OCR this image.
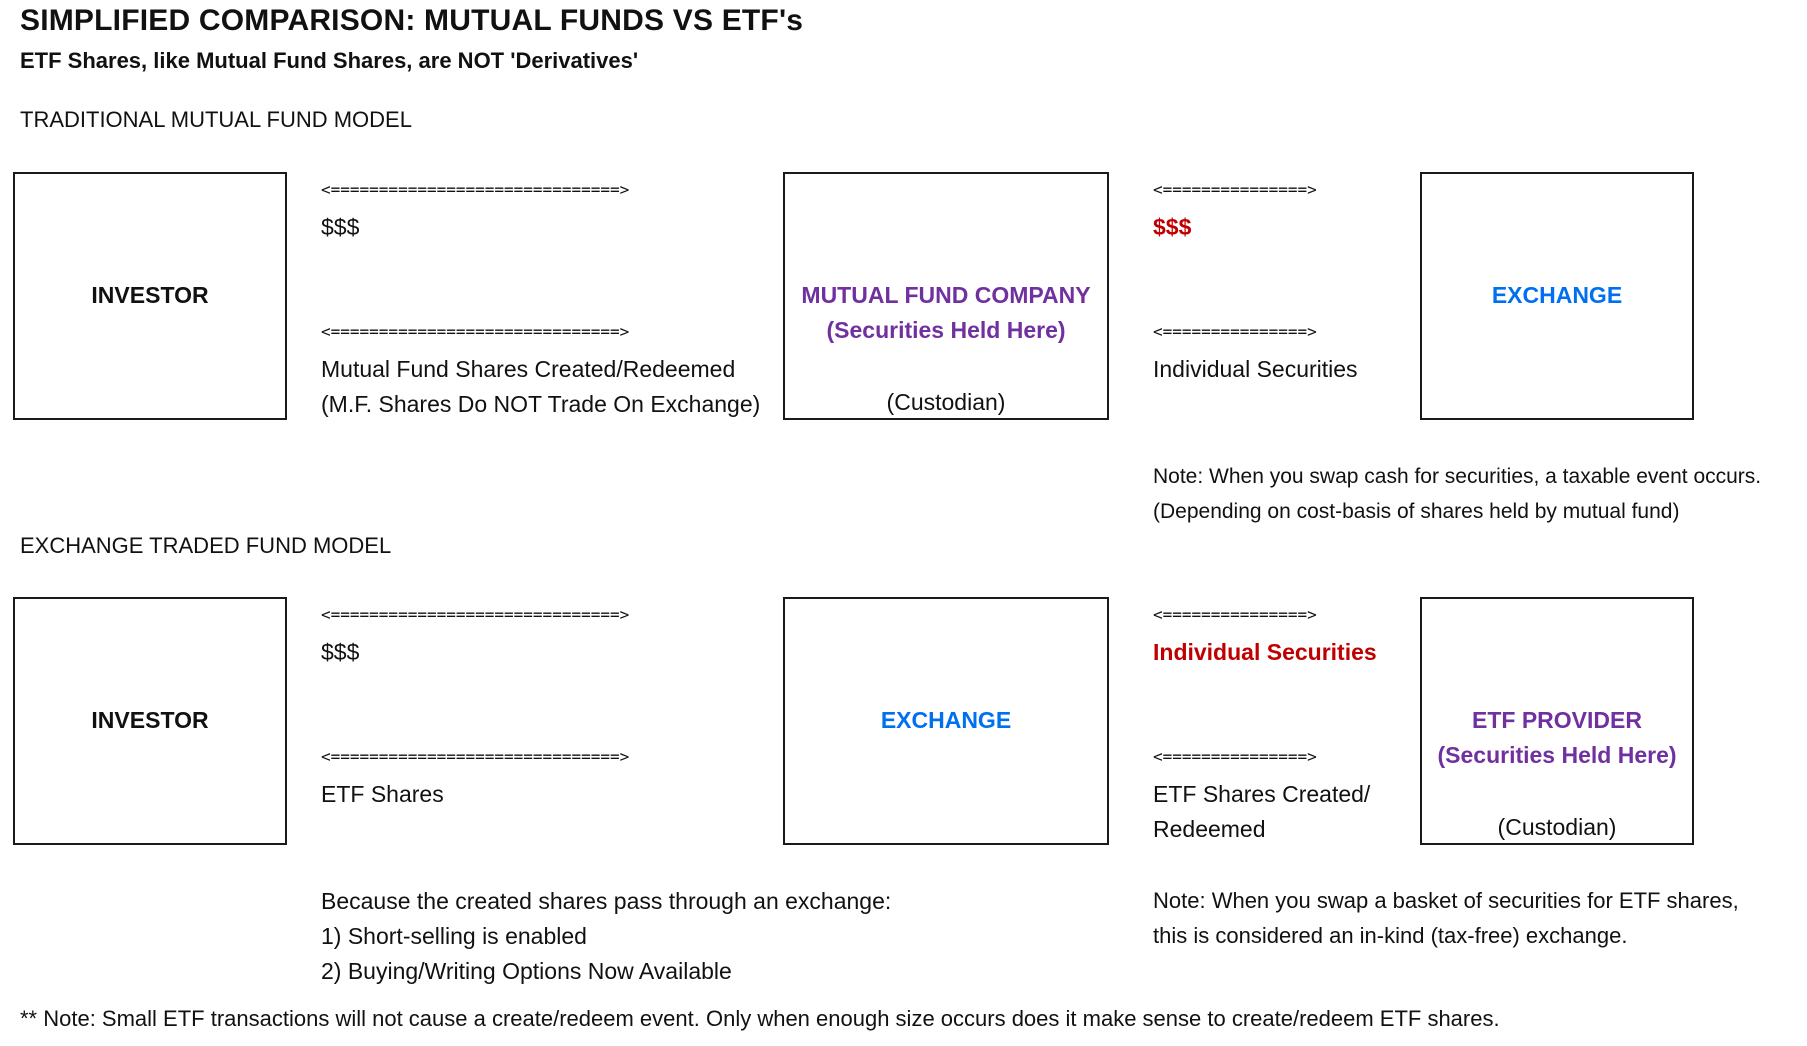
SIMPLIFIED COMPARISON: MUTUAL FUNDS VS ETF's
ETF Shares, like Mutual Fund Shares, are NOT 'Derivatives'
TRADITIONAL MUTUAL FUND MODEL
INVESTOR
<==============================>
$$$
<==============================>
Mutual Fund Shares Created/Redeemed
(M.F. Shares Do NOT Trade On Exchange)
MUTUAL FUND COMPANY
(Securities Held Here)
(Custodian)
<===============>
$$$
<===============>
Individual Securities
EXCHANGE
Note: When you swap cash for securities, a taxable event occurs.
(Depending on cost-basis of shares held by mutual fund)
EXCHANGE TRADED FUND MODEL
INVESTOR
<==============================>
$$$
<==============================>
ETF Shares
EXCHANGE
<===============>
Individual Securities
<===============>
ETF Shares Created/
Redeemed
ETF PROVIDER
(Securities Held Here)
(Custodian)
Because the created shares pass through an exchange:
1) Short-selling is enabled
2) Buying/Writing Options Now Available
Note: When you swap a basket of securities for ETF shares,
this is considered an in-kind (tax-free) exchange.
** Note: Small ETF transactions will not cause a create/redeem event. Only when enough size occurs does it make sense to create/redeem ETF shares.
